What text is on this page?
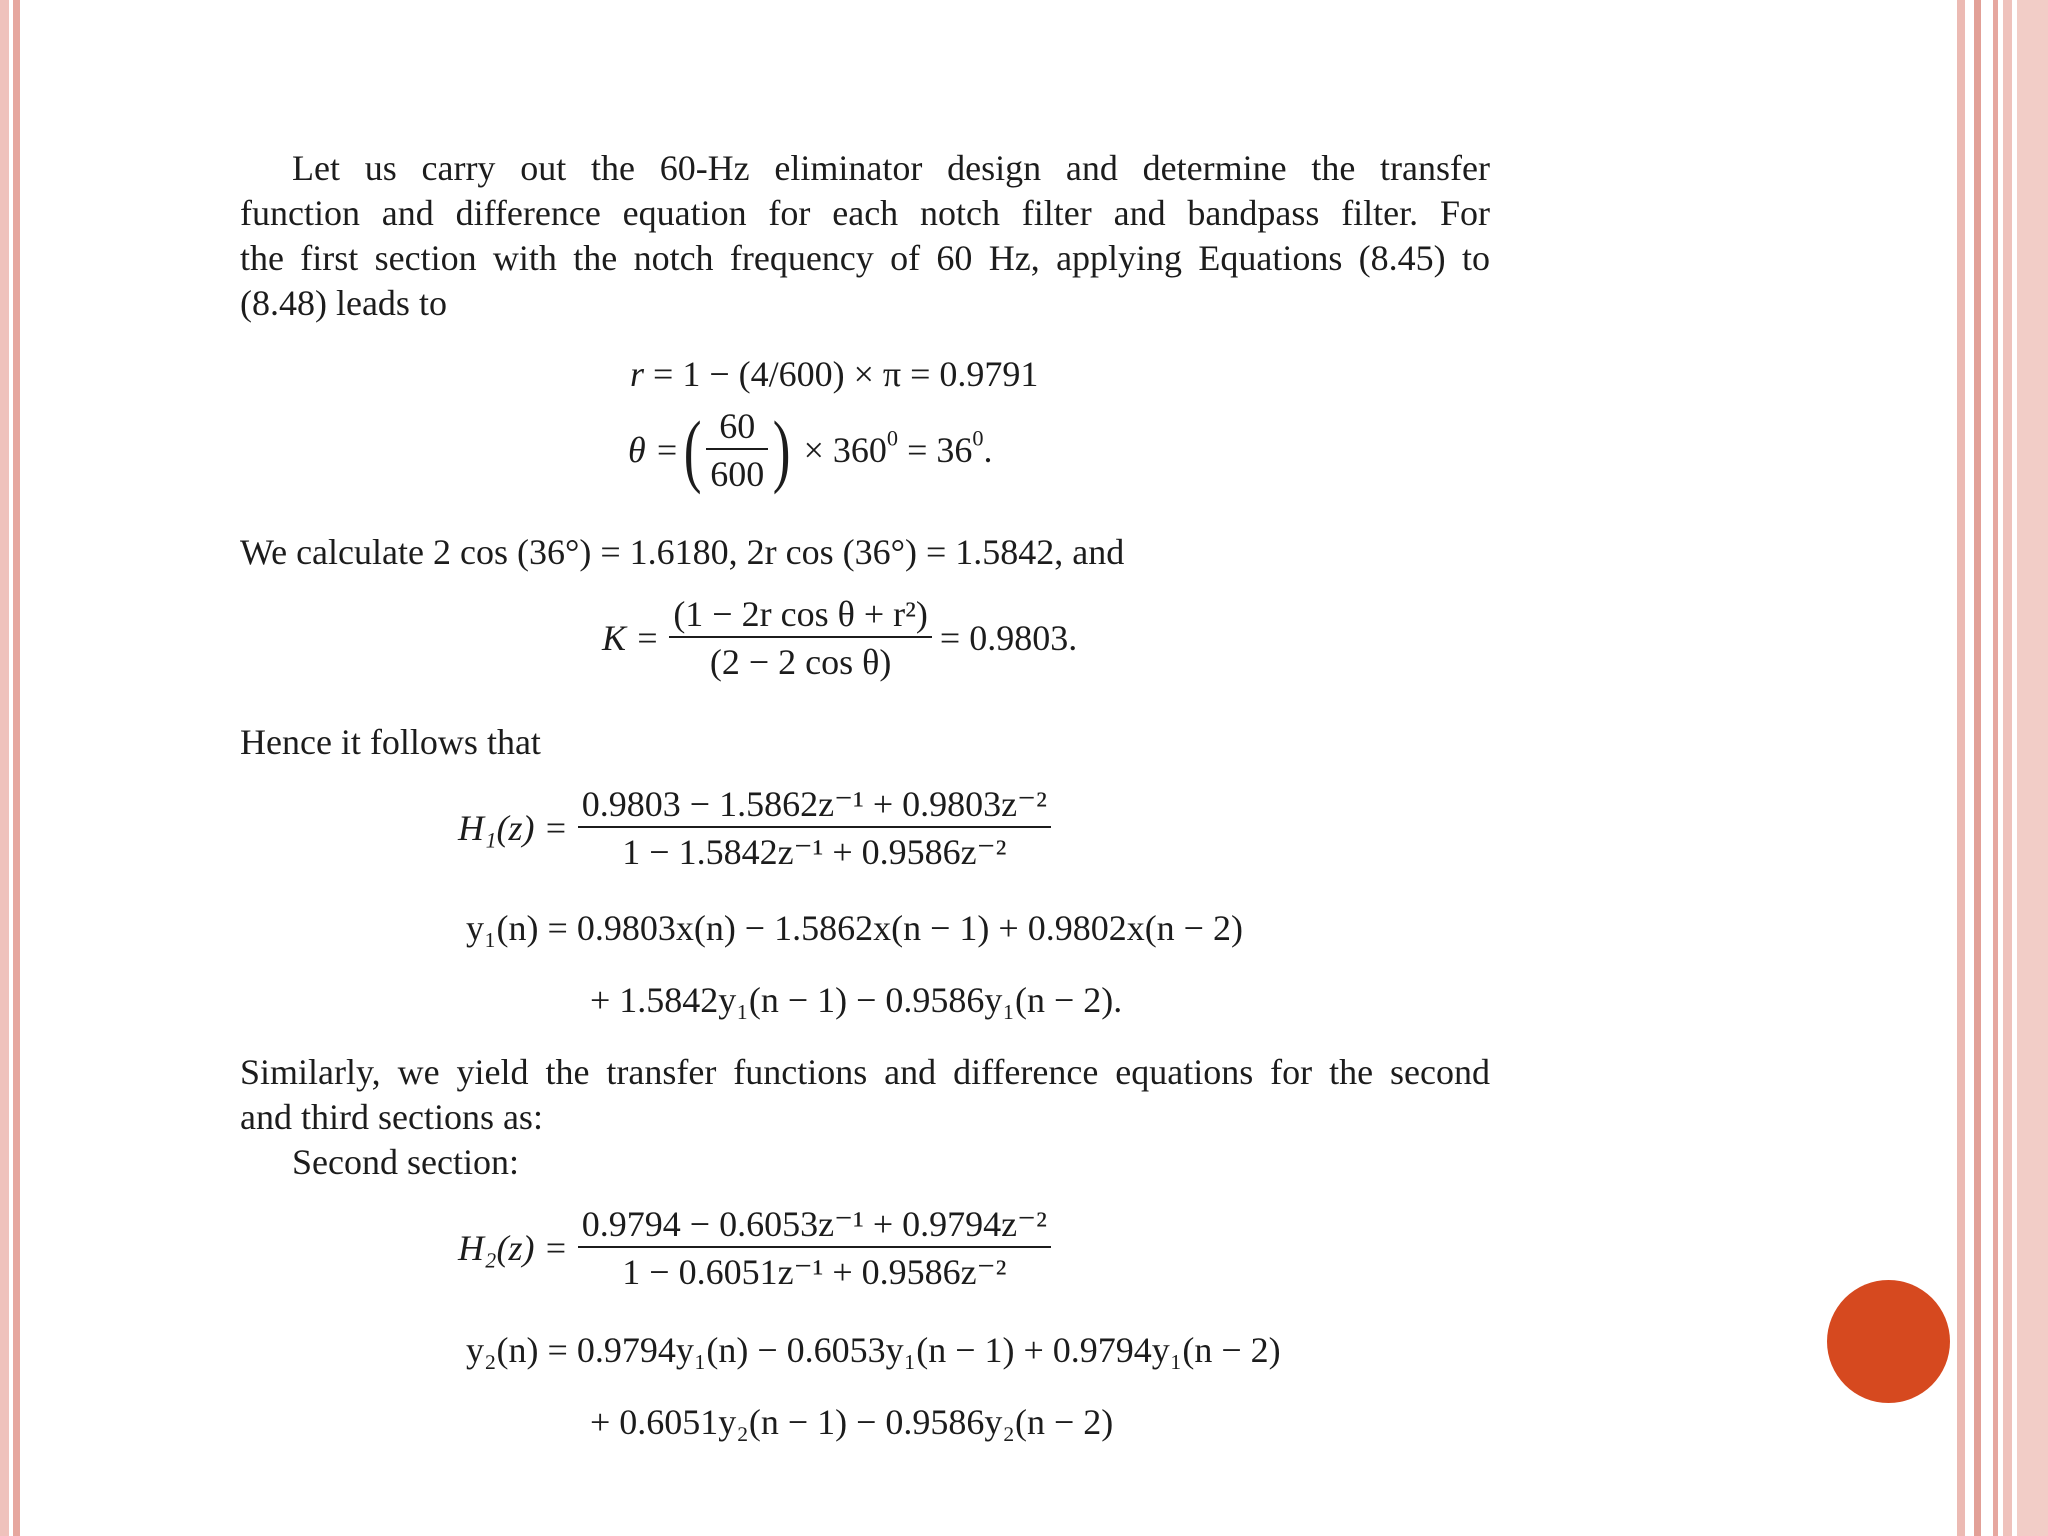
Let us carry out the 60-Hz eliminator design and determine the transfer
function and difference equation for each notch filter and bandpass filter. For
the first section with the notch frequency of 60 Hz, applying Equations (8.45) to
(8.48) leads to
r = 1 − (4/600) × π = 0.9791
θ = ( $\frac{60}{600}$ ) × $360^0 = 36^0$.
We calculate 2 cos (36°) = 1.6180, 2r cos (36°) = 1.5842, and
$K = \frac{\text{(1 − 2r cos θ + r²)}}{\text{(2 − 2 cos θ)}} = 0.9803$.
Hence it follows that
$H_1(z) = \frac{\text{0.9803 − 1.5862z⁻¹ + 0.9803z⁻²}}{\text{1 − 1.5842z⁻¹ + 0.9586z⁻²}}$
y₁(n) = 0.9803x(n) − 1.5862x(n − 1) + 0.9802x(n − 2)
+ 1.5842y₁(n − 1) − 0.9586y₁(n − 2).
Similarly, we yield the transfer functions and difference equations for the second
and third sections as:
Second section:
$H_2(z) = \frac{\text{0.9794 − 0.6053z⁻¹ + 0.9794z⁻²}}{\text{1 − 0.6051z⁻¹ + 0.9586z⁻²}}$
y₂(n) = 0.9794y₁(n) − 0.6053y₁(n − 1) + 0.9794y₁(n − 2)
+ 0.6051y₂(n − 1) − 0.9586y₂(n − 2)
